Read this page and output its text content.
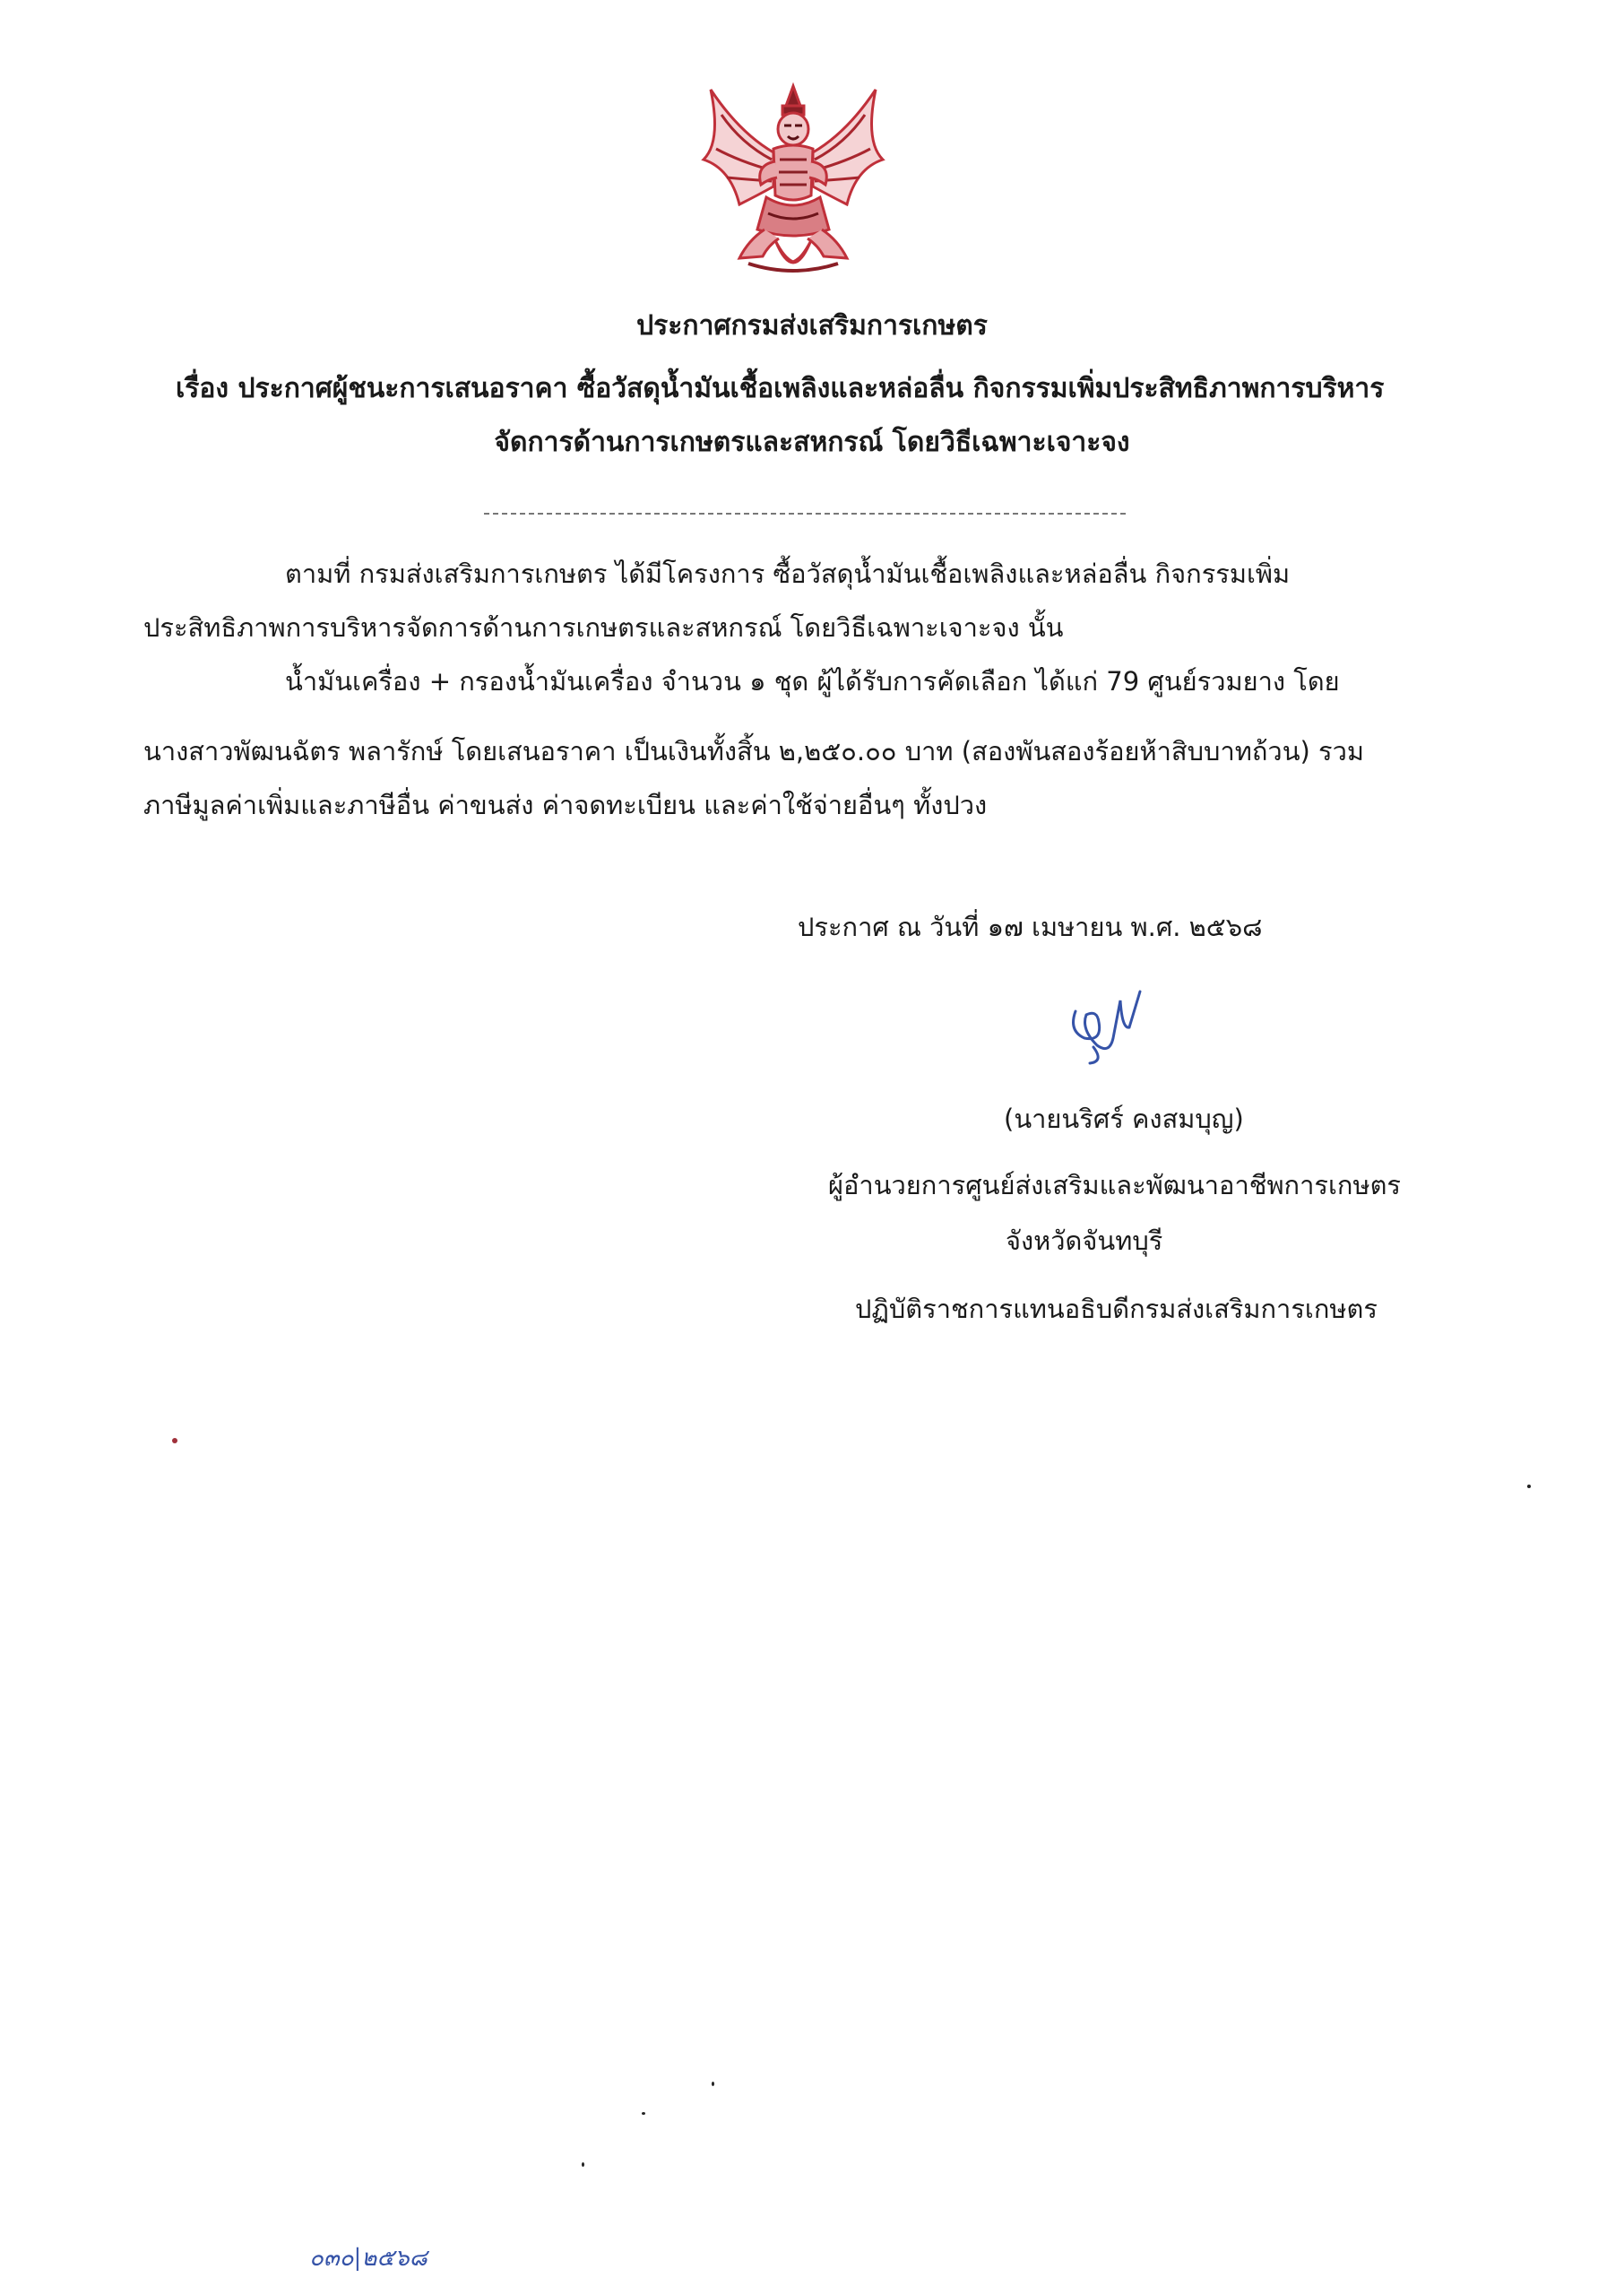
ประกาศกรมส่งเสริมการเกษตร
เรื่อง ประกาศผู้ชนะการเสนอราคา ซื้อวัสดุน้ำมันเชื้อเพลิงและหล่อลื่น กิจกรรมเพิ่มประสิทธิภาพการบริหาร
จัดการด้านการเกษตรและสหกรณ์ โดยวิธีเฉพาะเจาะจง
ตามที่ กรมส่งเสริมการเกษตร ได้มีโครงการ ซื้อวัสดุน้ำมันเชื้อเพลิงและหล่อลื่น กิจกรรมเพิ่ม
ประสิทธิภาพการบริหารจัดการด้านการเกษตรและสหกรณ์ โดยวิธีเฉพาะเจาะจง นั้น
น้ำมันเครื่อง + กรองน้ำมันเครื่อง จำนวน ๑ ชุด ผู้ได้รับการคัดเลือก ได้แก่ 79 ศูนย์รวมยาง โดย
นางสาวพัฒนฉัตร พลารักษ์ โดยเสนอราคา เป็นเงินทั้งสิ้น ๒,๒๕๐.๐๐ บาท (สองพันสองร้อยห้าสิบบาทถ้วน) รวม
ภาษีมูลค่าเพิ่มและภาษีอื่น ค่าขนส่ง ค่าจดทะเบียน และค่าใช้จ่ายอื่นๆ ทั้งปวง
ประกาศ ณ วันที่ ๑๗ เมษายน พ.ศ. ๒๕๖๘
(นายนริศร์ คงสมบุญ)
ผู้อำนวยการศูนย์ส่งเสริมและพัฒนาอาชีพการเกษตร
จังหวัดจันทบุรี
ปฏิบัติราชการแทนอธิบดีกรมส่งเสริมการเกษตร
๐๓๐|๒๕๖๘
